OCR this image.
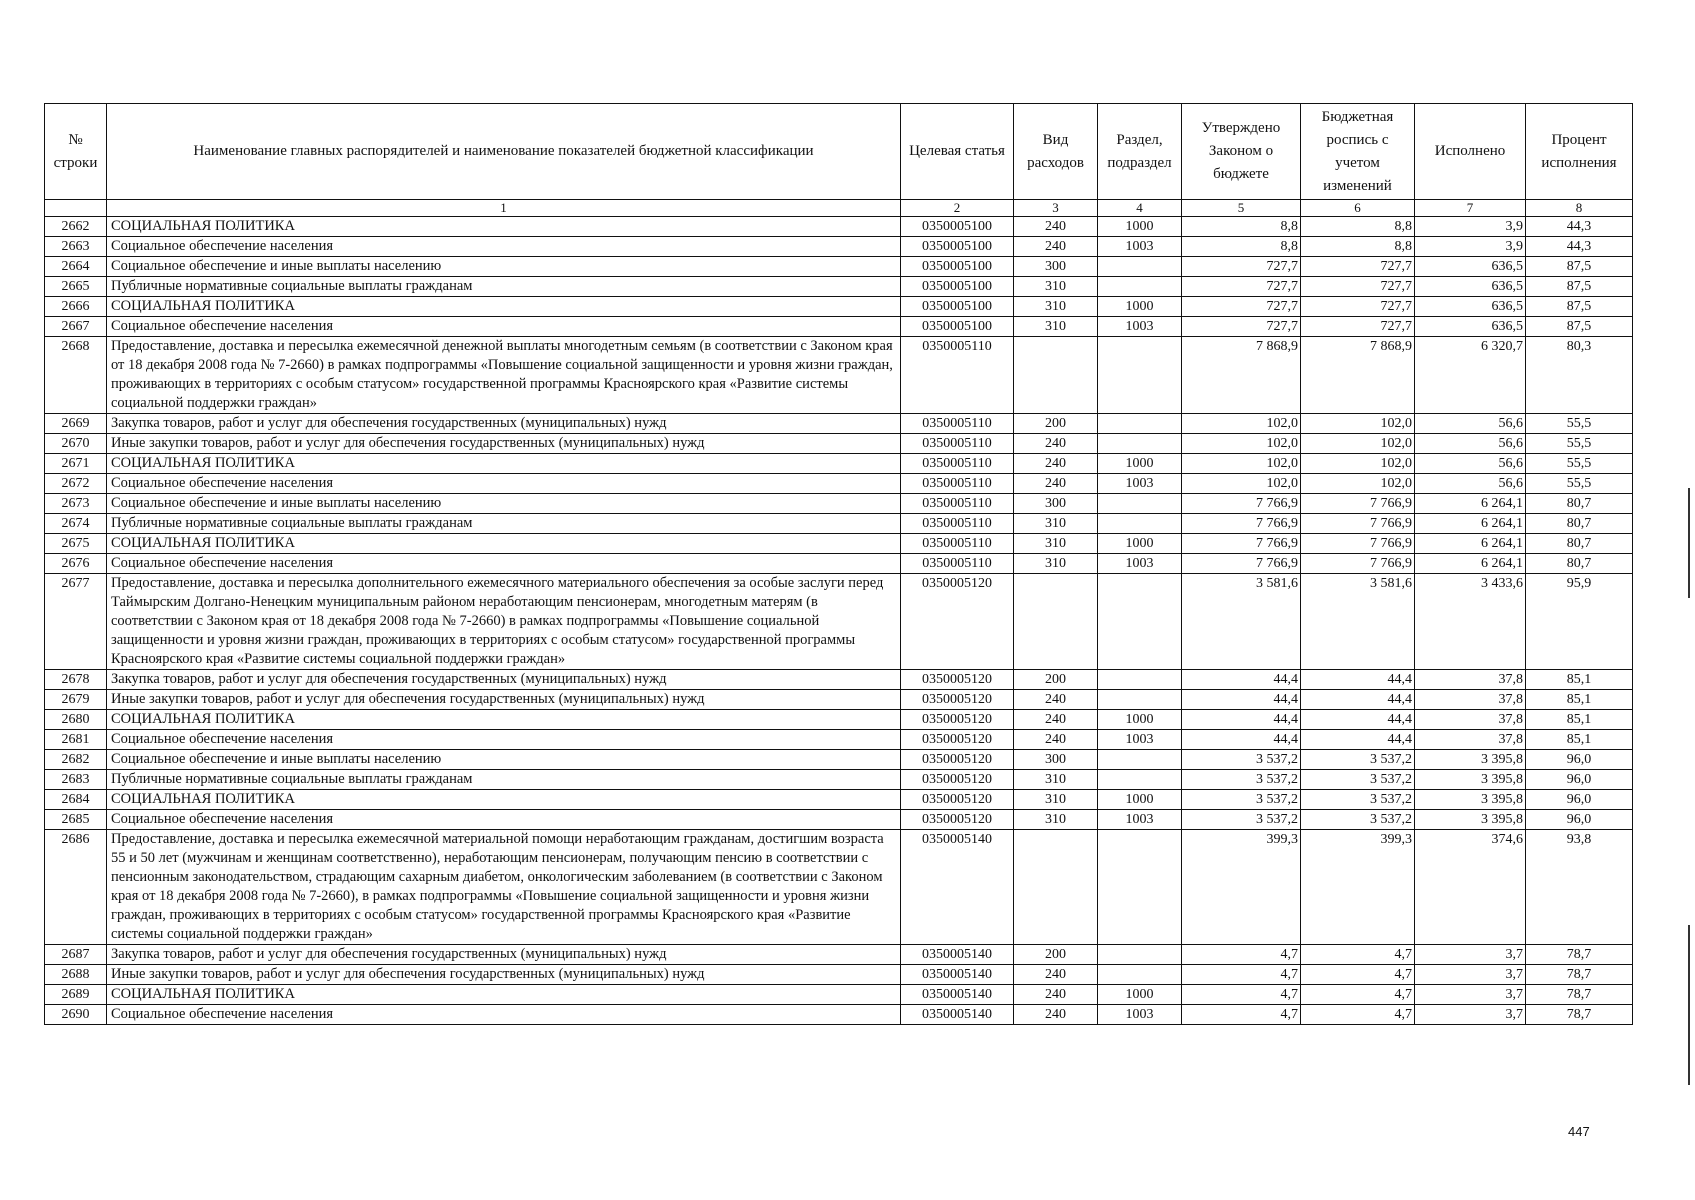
№ строки	Наименование главных распорядителей и наименование показателей бюджетной классификации	Целевая статья	Вид расходов	Раздел, подраздел	Утверждено Законом о бюджете	Бюджетная роспись с учетом изменений	Исполнено	Процент исполнения
	1	2	3	4	5	6	7	8
2662	СОЦИАЛЬНАЯ ПОЛИТИКА	0350005100	240	1000	8,8	8,8	3,9	44,3
2663	Социальное обеспечение населения	0350005100	240	1003	8,8	8,8	3,9	44,3
2664	Социальное обеспечение и иные выплаты населению	0350005100	300		727,7	727,7	636,5	87,5
2665	Публичные нормативные социальные выплаты гражданам	0350005100	310		727,7	727,7	636,5	87,5
2666	СОЦИАЛЬНАЯ ПОЛИТИКА	0350005100	310	1000	727,7	727,7	636,5	87,5
2667	Социальное обеспечение населения	0350005100	310	1003	727,7	727,7	636,5	87,5
2668	Предоставление, доставка и пересылка ежемесячной денежной выплаты многодетным семьям (в соответствии с Законом края от 18 декабря 2008 года № 7-2660) в рамках подпрограммы «Повышение социальной защищенности и уровня жизни граждан, проживающих в территориях с особым статусом» государственной программы Красноярского края «Развитие системы социальной поддержки граждан»	0350005110			7 868,9	7 868,9	6 320,7	80,3
2669	Закупка товаров, работ и услуг для обеспечения государственных (муниципальных) нужд	0350005110	200		102,0	102,0	56,6	55,5
2670	Иные закупки товаров, работ и услуг для обеспечения государственных (муниципальных) нужд	0350005110	240		102,0	102,0	56,6	55,5
2671	СОЦИАЛЬНАЯ ПОЛИТИКА	0350005110	240	1000	102,0	102,0	56,6	55,5
2672	Социальное обеспечение населения	0350005110	240	1003	102,0	102,0	56,6	55,5
2673	Социальное обеспечение и иные выплаты населению	0350005110	300		7 766,9	7 766,9	6 264,1	80,7
2674	Публичные нормативные социальные выплаты гражданам	0350005110	310		7 766,9	7 766,9	6 264,1	80,7
2675	СОЦИАЛЬНАЯ ПОЛИТИКА	0350005110	310	1000	7 766,9	7 766,9	6 264,1	80,7
2676	Социальное обеспечение населения	0350005110	310	1003	7 766,9	7 766,9	6 264,1	80,7
2677	Предоставление, доставка и пересылка дополнительного ежемесячного материального обеспечения за особые заслуги перед Таймырским Долгано-Ненецким муниципальным районом неработающим пенсионерам, многодетным матерям (в соответствии с Законом края от 18 декабря 2008 года № 7-2660) в рамках подпрограммы «Повышение социальной защищенности и уровня жизни граждан, проживающих в территориях с особым статусом» государственной программы Красноярского края «Развитие системы социальной поддержки граждан»	0350005120			3 581,6	3 581,6	3 433,6	95,9
2678	Закупка товаров, работ и услуг для обеспечения государственных (муниципальных) нужд	0350005120	200		44,4	44,4	37,8	85,1
2679	Иные закупки товаров, работ и услуг для обеспечения государственных (муниципальных) нужд	0350005120	240		44,4	44,4	37,8	85,1
2680	СОЦИАЛЬНАЯ ПОЛИТИКА	0350005120	240	1000	44,4	44,4	37,8	85,1
2681	Социальное обеспечение населения	0350005120	240	1003	44,4	44,4	37,8	85,1
2682	Социальное обеспечение и иные выплаты населению	0350005120	300		3 537,2	3 537,2	3 395,8	96,0
2683	Публичные нормативные социальные выплаты гражданам	0350005120	310		3 537,2	3 537,2	3 395,8	96,0
2684	СОЦИАЛЬНАЯ ПОЛИТИКА	0350005120	310	1000	3 537,2	3 537,2	3 395,8	96,0
2685	Социальное обеспечение населения	0350005120	310	1003	3 537,2	3 537,2	3 395,8	96,0
2686	Предоставление, доставка и пересылка ежемесячной материальной помощи неработающим гражданам, достигшим возраста 55 и 50 лет (мужчинам и женщинам соответственно), неработающим пенсионерам, получающим пенсию в соответствии с пенсионным законодательством, страдающим сахарным диабетом, онкологическим заболеванием (в соответствии с Законом края от 18 декабря 2008 года № 7-2660), в рамках подпрограммы «Повышение социальной защищенности и уровня жизни граждан, проживающих в территориях с особым статусом» государственной программы Красноярского края «Развитие системы социальной поддержки граждан»	0350005140			399,3	399,3	374,6	93,8
2687	Закупка товаров, работ и услуг для обеспечения государственных (муниципальных) нужд	0350005140	200		4,7	4,7	3,7	78,7
2688	Иные закупки товаров, работ и услуг для обеспечения государственных (муниципальных) нужд	0350005140	240		4,7	4,7	3,7	78,7
2689	СОЦИАЛЬНАЯ ПОЛИТИКА	0350005140	240	1000	4,7	4,7	3,7	78,7
2690	Социальное обеспечение населения	0350005140	240	1003	4,7	4,7	3,7	78,7
447
